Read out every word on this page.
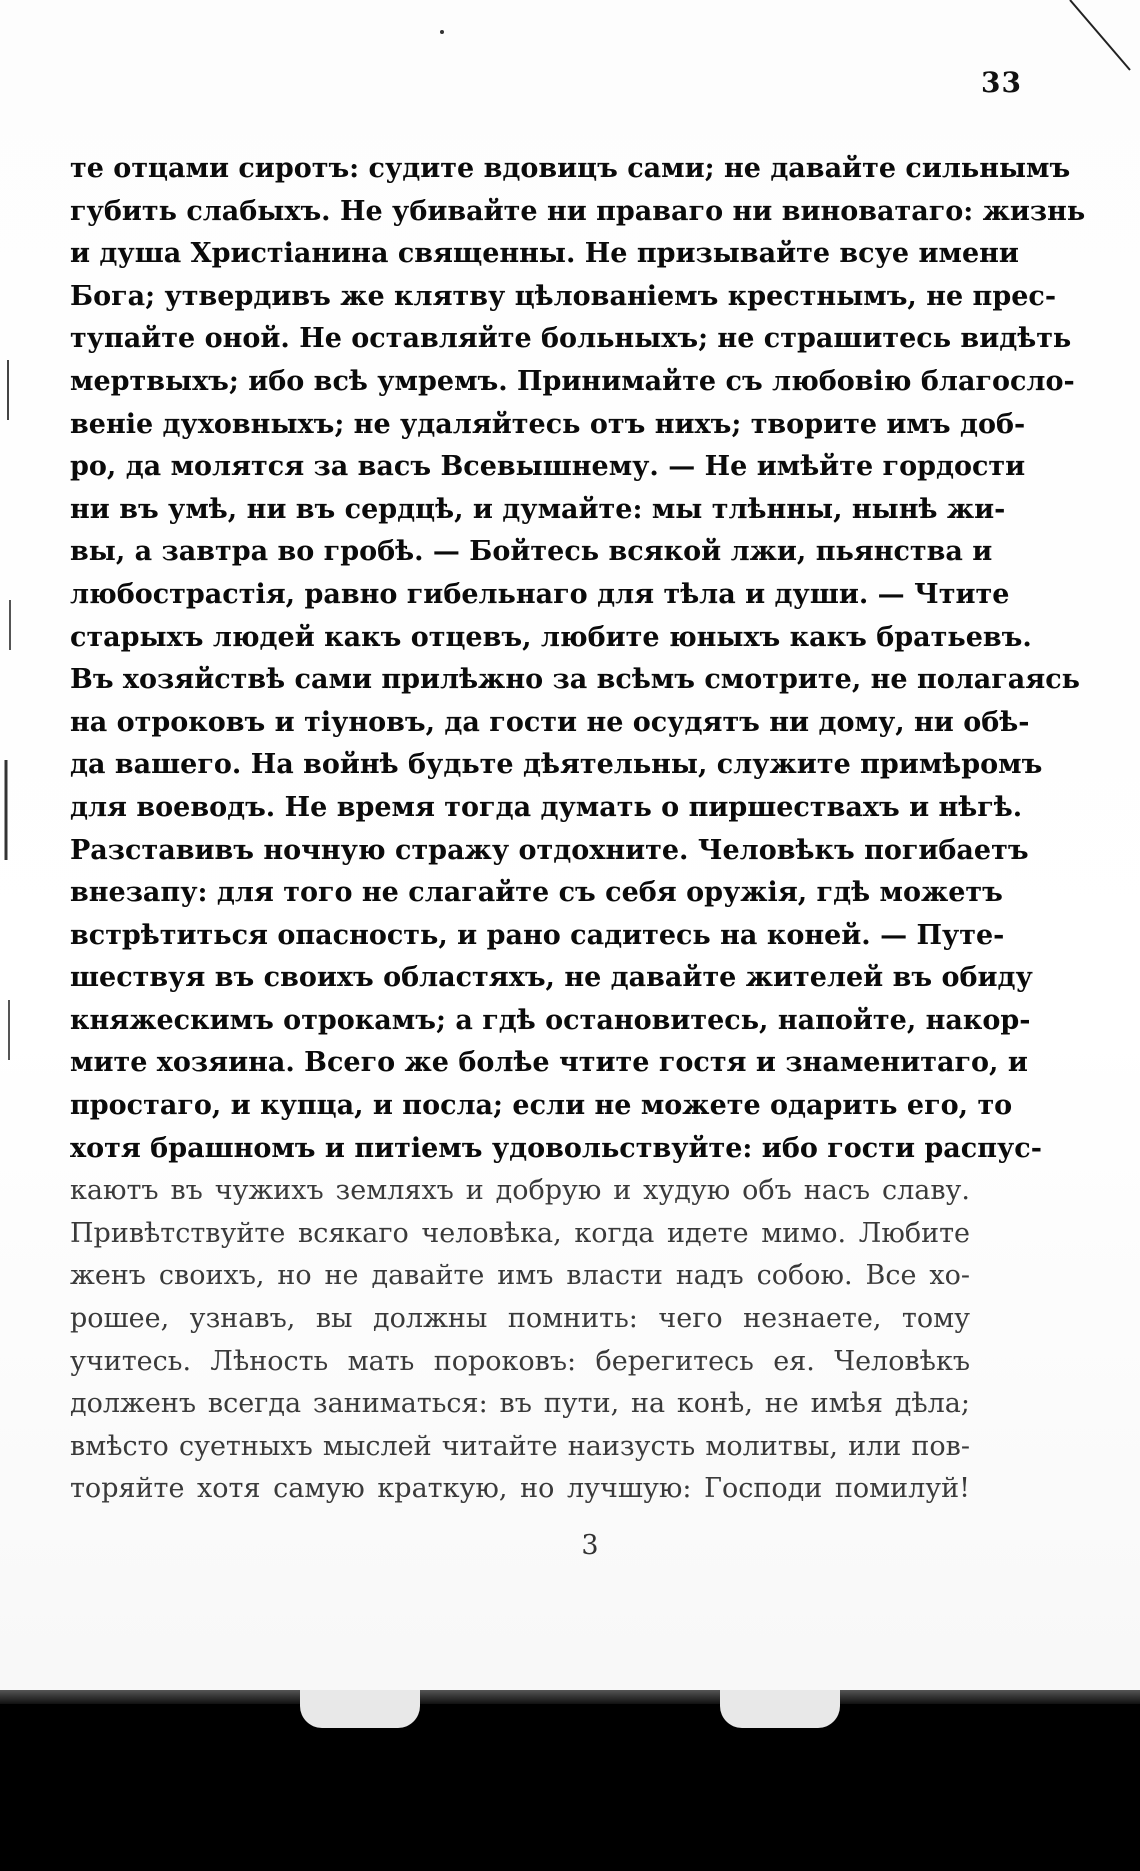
33
те отцами сиротъ: судите вдовицъ сами; не давайте сильнымъ
губить слабыхъ. Не убивайте ни праваго ни виноватаго: жизнь
и душа Христіанина священны. Не призывайте всуе имени
Бога; утвердивъ же клятву цѣлованіемъ крестнымъ, не прес-
тупайте оной. Не оставляйте больныхъ; не страшитесь видѣть
мертвыхъ; ибо всѣ умремъ. Принимайте съ любовію благосло-
веніе духовныхъ; не удаляйтесь отъ нихъ; творите имъ доб-
ро, да молятся за васъ Всевышнему. — Не имѣйте гордости
ни въ умѣ, ни въ сердцѣ, и думайте: мы тлѣнны, нынѣ жи-
вы, а завтра во гробѣ. — Бойтесь всякой лжи, пьянства и
любострастія, равно гибельнаго для тѣла и души. — Чтите
старыхъ людей какъ отцевъ, любите юныхъ какъ братьевъ.
Въ хозяйствѣ сами прилѣжно за всѣмъ смотрите, не полагаясь
на отроковъ и тіуновъ, да гости не осудятъ ни дому, ни обѣ-
да вашего. На войнѣ будьте дѣятельны, служите примѣромъ
для воеводъ. Не время тогда думать о пиршествахъ и нѣгѣ.
Разставивъ ночную стражу отдохните. Человѣкъ погибаетъ
внезапу: для того не слагайте съ себя оружія, гдѣ можетъ
встрѣтиться опасность, и рано садитесь на коней. — Путе-
шествуя въ своихъ областяхъ, не давайте жителей въ обиду
княжескимъ отрокамъ; а гдѣ остановитесь, напойте, накор-
мите хозяина. Всего же болѣе чтите гостя и знаменитаго, и
простаго, и купца, и посла; если не можете одарить его, то
хотя брашномъ и питіемъ удовольствуйте: ибо гости распус-
каютъ въ чужихъ земляхъ и добрую и худую объ насъ славу.
Привѣтствуйте всякаго человѣка, когда идете мимо. Любите
женъ своихъ, но не давайте имъ власти надъ собою. Все хо-
рошее, узнавъ, вы должны помнить: чего незнаете, тому
учитесь. Лѣность мать пороковъ: берегитесь ея. Человѣкъ
долженъ всегда заниматься: въ пути, на конѣ, не имѣя дѣла;
вмѣсто суетныхъ мыслей читайте наизусть молитвы, или пов-
торяйте хотя самую краткую, но лучшую: Господи помилуй!
3
